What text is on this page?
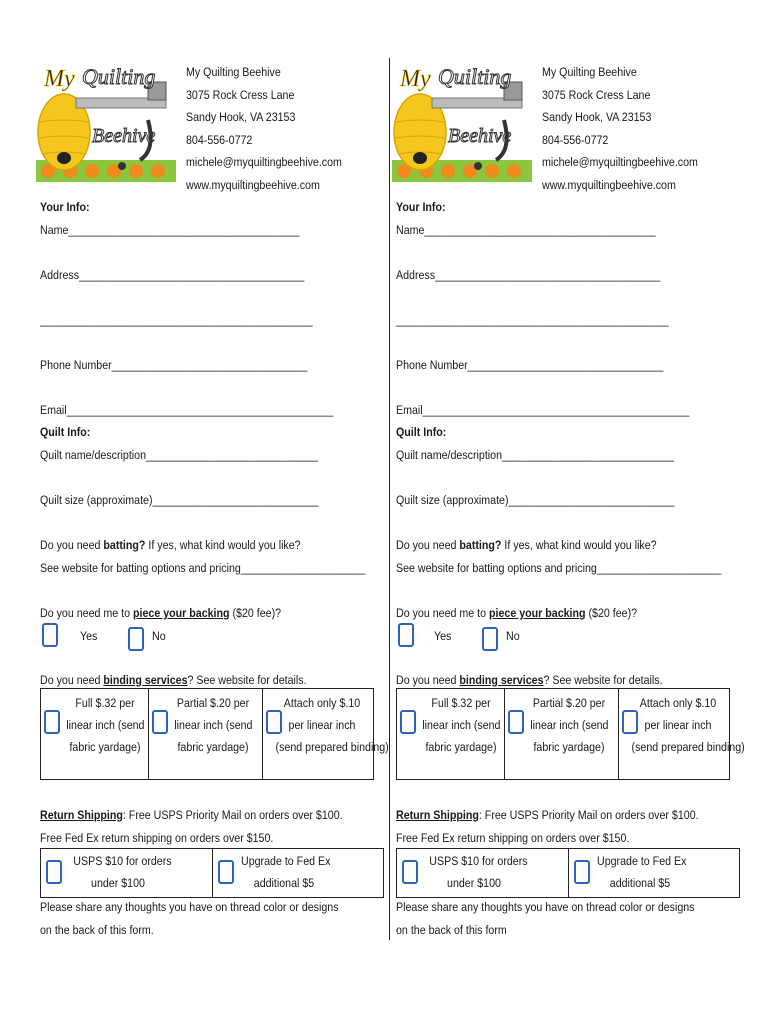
My Quilting
Beehive
My Quilting Beehive
3075 Rock Cress Lane
Sandy Hook, VA 23153
804-556-0772
michele@myquiltingbeehive.com
www.myquiltingbeehive.com
Your Info:
Name_______________________________________
Address______________________________________
______________________________________________
Phone Number_________________________________
Email_____________________________________________
Quilt Info:
Quilt name/description_____________________________
Quilt size (approximate)____________________________
Do you need batting? If yes, what kind would you like?
See website for batting options and pricing_____________________
Do you need me to piece your backing ($20 fee)?
Yes	No
Do you need binding services? See website for details.
Full $.32 per
linear inch (send
fabric yardage)
Partial $.20 per
linear inch (send
fabric yardage)
Attach only $.10
per linear inch
(send prepared binding)
Return Shipping: Free USPS Priority Mail on orders over $100.
Free Fed Ex return shipping on orders over $150.
USPS $10 for orders
under $100
Upgrade to Fed Ex
additional $5
Please share any thoughts you have on thread color or designs
on the back of this form.
My Quilting
Beehive
My Quilting Beehive
3075 Rock Cress Lane
Sandy Hook, VA 23153
804-556-0772
michele@myquiltingbeehive.com
www.myquiltingbeehive.com
Your Info:
Name_______________________________________
Address______________________________________
______________________________________________
Phone Number_________________________________
Email_____________________________________________
Quilt Info:
Quilt name/description_____________________________
Quilt size (approximate)____________________________
Do you need batting? If yes, what kind would you like?
See website for batting options and pricing_____________________
Do you need me to piece your backing ($20 fee)?
Yes	No
Do you need binding services? See website for details.
Full $.32 per
linear inch (send
fabric yardage)
Partial $.20 per
linear inch (send
fabric yardage)
Attach only $.10
per linear inch
(send prepared binding)
Return Shipping: Free USPS Priority Mail on orders over $100.
Free Fed Ex return shipping on orders over $150.
USPS $10 for orders
under $100
Upgrade to Fed Ex
additional $5
Please share any thoughts you have on thread color or designs
on the back of this form
